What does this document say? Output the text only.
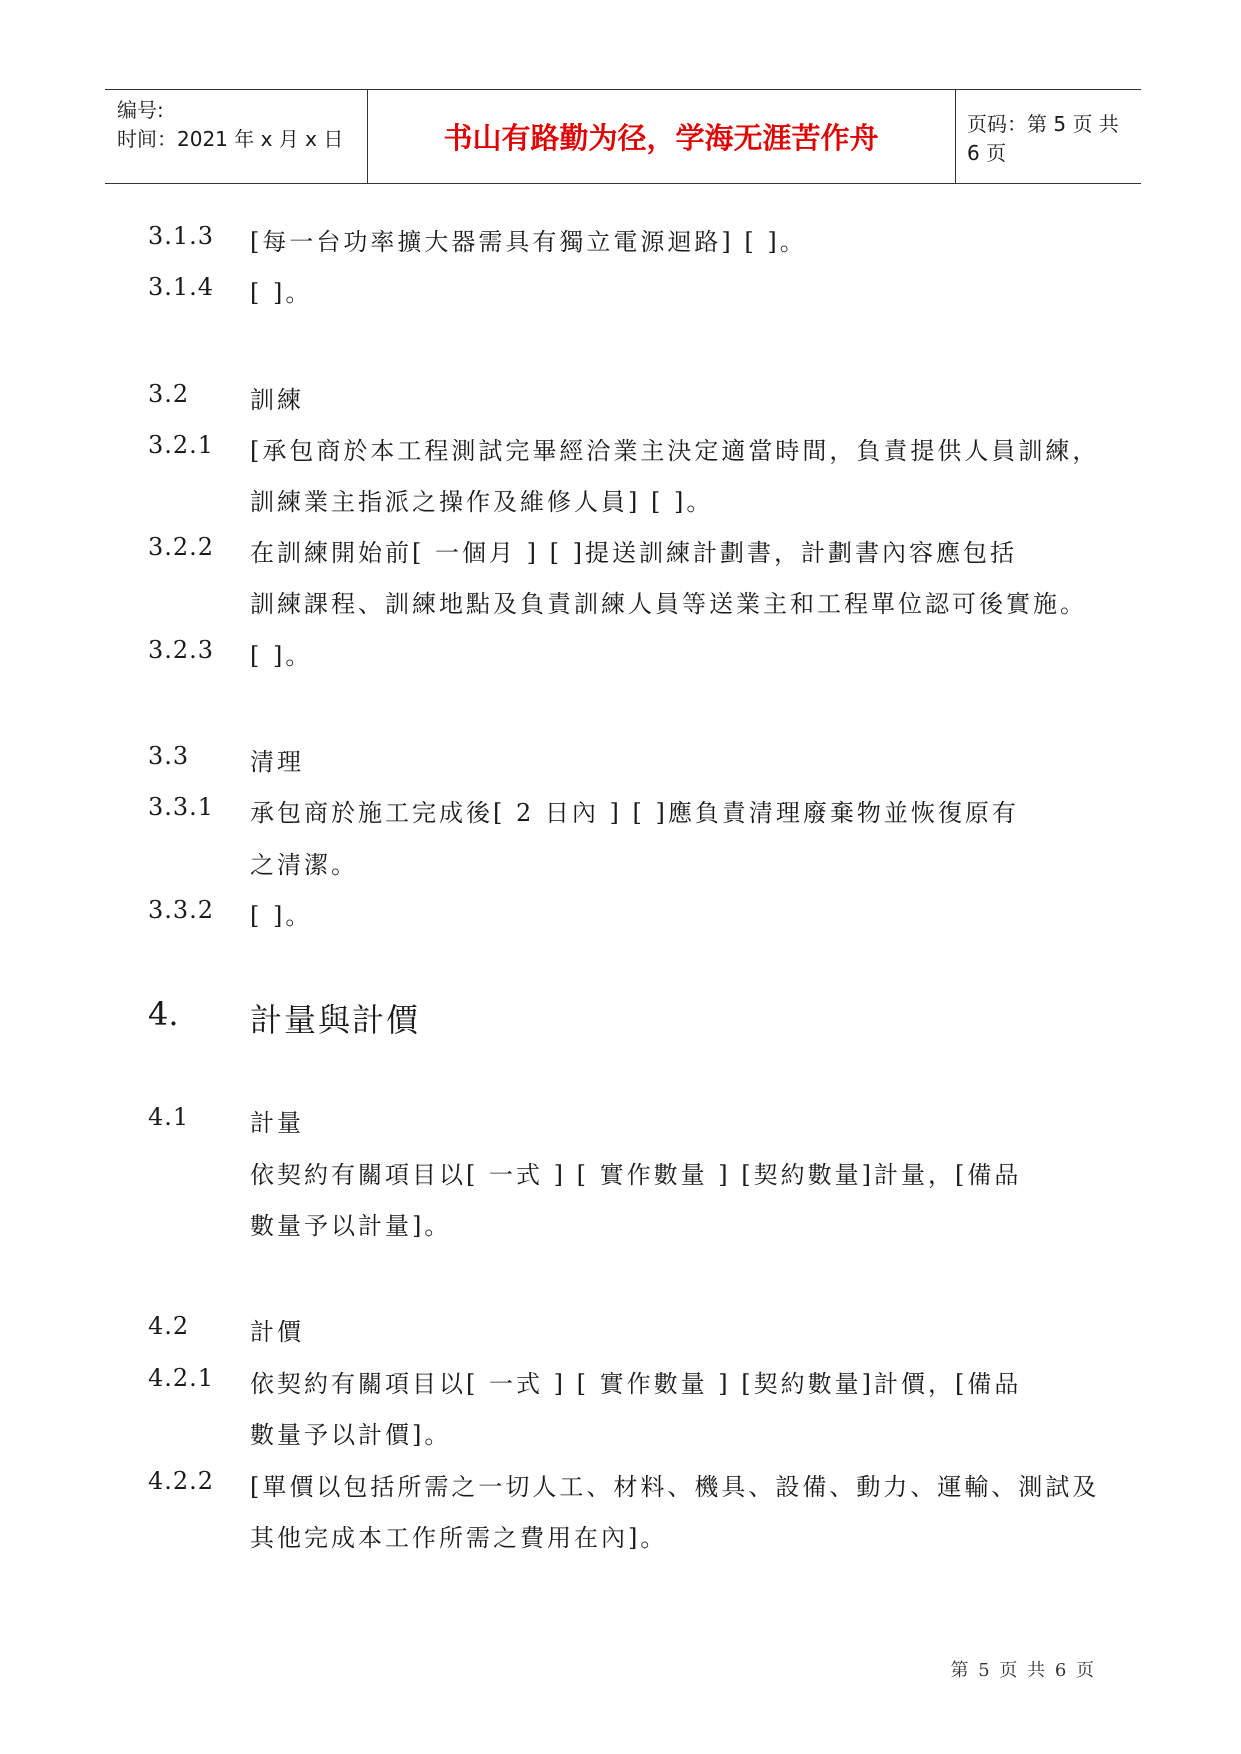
编号:
时间：2021 年 x 月 x 日	书山有路勤为径，学海无涯苦作舟	页码：第 5 页 共 6 页
3.1.3 [每一台功率擴大器需具有獨立電源迴路] [ ]。
3.1.4 [ ]。
3.2	訓練
3.2.1 [承包商於本工程測試完畢經洽業主決定適當時間，負責提供人員訓練，
訓練業主指派之操作及維修人員] [ ]。
3.2.2 在訓練開始前[ 一個月 ] [ ]提送訓練計劃書，計劃書內容應包括
訓練課程、訓練地點及負責訓練人員等送業主和工程單位認可後實施。
3.2.3 [ ]。
3.3	清理
3.3.1 承包商於施工完成後[ 2 日內 ] [ ]應負責清理廢棄物並恢復原有
之清潔。
3.3.2 [ ]。
4. 計量與計價
4.1	計量
依契約有關項目以[ 一式 ] [ 實作數量 ] [契約數量]計量，[備品
數量予以計量]。
4.2	計價
4.2.1 依契約有關項目以[ 一式 ] [ 實作數量 ] [契約數量]計價，[備品
數量予以計價]。
4.2.2 [單價以包括所需之一切人工、材料、機具、設備、動力、運輸、測試及
其他完成本工作所需之費用在內]。
第 5 页 共 6 页
